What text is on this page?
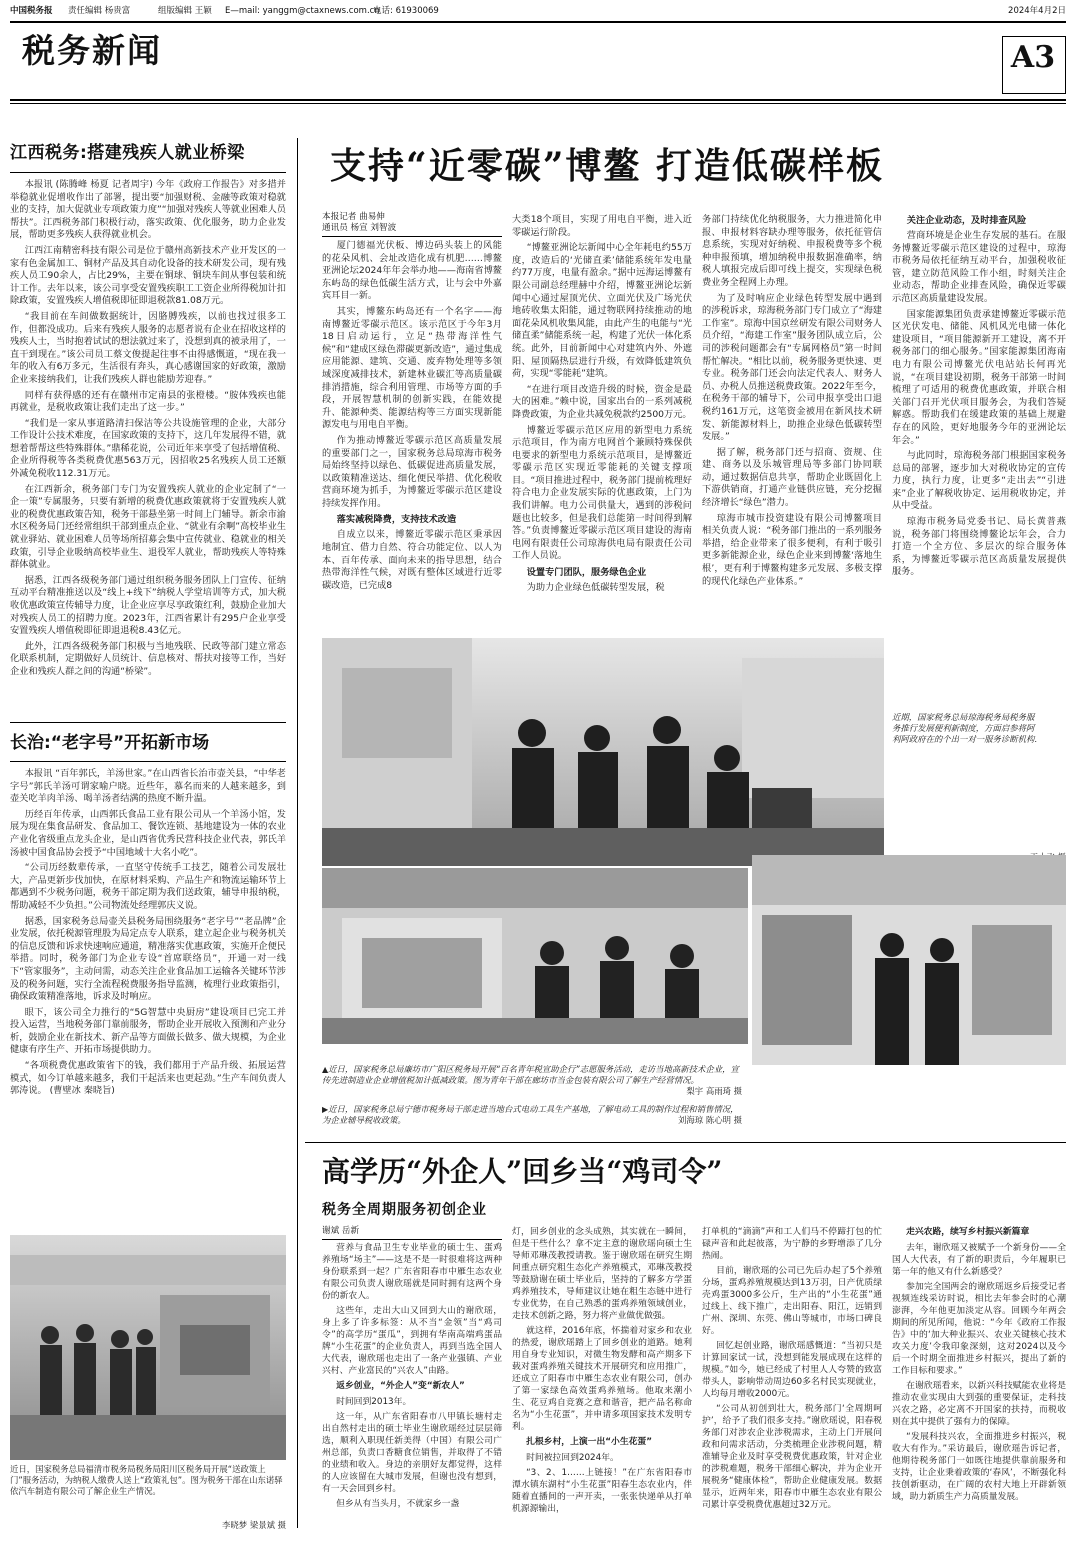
中国税务报 责任编辑 杨贵富	组版编辑 王颖 E—mail: yanggm@ctaxnews.com.cn
电话: 61930069	2024年4月2日
税务新闻	A3
江西税务:搭建残疾人就业桥梁

本报讯 (陈腾峰 杨夏 记者周宇) 今年《政府工作报告》对多措并举稳就业促增收作出了部署，提出要“加强财税、金融等政策对稳就业的支持，加大促就业专项政策力度”“加强对残疾人等就业困难人员帮扶”。江西税务部门积极行动，落实政策、优化服务，助力企业发展，帮助更多残疾人获得就业机会。

江西江南精密科技有限公司是位于赣州高新技术产业开发区的一家有色金属加工、铜材产品及其自动化设备的技术研发公司，现有残疾人员工90余人，占比29%，主要在铜球、铜块车间从事包装和统计工作。去年以来，该公司享受安置残疾职工工资企业所得税加计扣除政策，安置残疾人增值税即征即退税款81.08万元。

“我目前在车间做数据统计，因胳膊残疾，以前也找过很多工作，但都没成功。后来有残疾人服务的志愿者说有企业在招收这样的残疾人士，当时抱着试试的想法就过来了，没想到真的被录用了，一直干到现在。”该公司员工蔡文俊提起往事不由得感慨道，“现在我一年的收入有6万多元，生活很有奔头，真心感谢国家的好政策，激励企业来接纳我们，让我们残疾人群也能励芳迎春。”

同样有获得感的还有在赣州市定南县的张橙楼。“胺体残疾也能再就业，是税收政策让我们走出了这一步。”

“我们是一家从事道路清扫保洁等公共设施管理的企业，大部分工作设计公技术难度，在国家政策的支持下，这几年发展得不错，就想着帮帮这些特殊群体。”鼎稀花说，公司近年来享受了包括增值税、企业所得税等各类税费优惠563万元，因招收25名残疾人员工还额外减免税收112.31万元。

在江西新余，税务部门专门为安置残疾人就业的企业定制了“一企一策”专属服务，只要有新增的税费优惠政策就将于安置残疾人就业的税费优惠政策告知，税务干部悬坐第一时间上门辅导。新余市渝水区税务局门还经常组织干部到重点企业、“就业有余啊”高校毕业生就业驿站、就业困难人员等场所招募会集中宣传就业、稳就业的相关政策，引导企业吸纳高校毕业生、退役军人就业，帮助残疾人等特殊群体就业。

据悉，江西各级税务部门通过组织税务服务团队上门宣传、征纳互动平台精准推送以及“线上+线下”纳税人学堂培训等方式，加大税收优惠政策宣传辅导力度，让企业应享尽享政策红利，鼓励企业加大对残疾人员工的招聘力度。2023年，江西省累计有295户企业享受安置残疾人增值税即征即退退税8.43亿元。

此外，江西各级税务部门积极与当地残联、民政等部门建立常态化联系机制，定期做好人员统计、信息核对、帮扶对接等工作，当好企业和残疾人群之间的沟通“桥梁”。

长治:“老字号”开拓新市场

本报讯 “百年郭氏，羊汤世家。”在山西省长治市壶关县，“中华老字号”郭氏羊汤可谓家喻户晓。近些年，慕名而来的人越来越多，到壶关吃羊肉羊汤、喝羊汤者结满的热度不断升温。

历经百年传承，山西郭氏食品工业有限公司从一个羊汤小馆，发展为现在集食品研发、食品加工、餐饮连锁、基地建设为一体的农业产业化省级重点龙头企业，是山西省优秀民营科技企业代表，郭氏羊汤被中国食品协会授予“中国地域十大名小吃”。

“公司历经数辈传承，一直坚守传统手工技艺，随着公司发展壮大，产品更新步伐加快，在原材料采购、产品生产和物流运输环节上都遇到不少税务问题，税务干部定期为我们送政策，辅导申报纳税，帮助减轻不少负担。”公司物流处经理郭庆义说。

据悉，国家税务总局壶关县税务局围绕服务“老字号”“老品牌”企业发展，依托税源管理股为局定点专人联系，建立起企业与税务机关的信息反馈和诉求快速响应通道，精准落实优惠政策，实施开企便民举措。同时，税务部门为企业专设“首席联络员”，开通一对一线下“管家服务”，主动问需，动态关注企业食品加工运输各关键环节涉及的税务问题，实行全流程税费服务指导监测，梳理行业政策指引，确保政策精准落地，诉求及时响应。

眼下，该公司全力推行的“5G智慧中央厨房”建设项目已完工并投入运营，当地税务部门靠前服务，帮助企业开展收入预测和产业分析，鼓励企业在新技术、新产品等方面做长做多、做大规模，为企业健康有序生产、开拓市场提供助力。

“各项税费优惠政策省下的钱，我们都用于产品升级、拓展运营模式，如今订单越来越多，我们干起活来也更起劲。”生产车间负责人郭涛说。 (曹壁冰 秦晓旨)

近日，国家税务总局福清市税务局税务局阳川区税务局开展“送政策上门”服务活动，为纳税人缴费人送上“政策礼包”。图为税务干部在山东诺驿依汽车制造有限公司了解企业生产情况。
李晓梦 梁景斌 摄
支持“近零碳”博鳌 打造低碳样板
本报记者 曲易伸
通讯员 杨宣 刘智波

厦门德福光伏板、博边码头装上的风能的花朵风机、会址改造化成有机肥……博鳌亚洲论坛2024年年会举办地——海南省博鳌东屿岛的绿色低碳生活方式，让与会中外嘉宾耳目一新。

其实，博鳌东屿岛还有一个名字——海南博鳌近零碳示范区。该示范区于今年3月18日启动运行，立足“热带海洋性气候”和“建成区绿色滞碳更新改造”，通过集成应用能源、建筑、交通、废弃物处理等多领域深度减排技术，新建林业碳汇等高质量碳排消措施，综合利用管理、市场等方面的手段，开展智慧机制的创新实践，在能效提升、能源种类、能源结构等三方面实现新能源发电与用电自平衡。

作为推动博鳌近零碳示范区高质量发展的重要部门之一，国家税务总局琼海市税务局始终坚持以绿色、低碳促进高质量发展，以政策精准送达、细化便民举措、优化税收营商环境为抓手，为博鳌近零碳示范区建设持续发挥作用。

落实减税降费，支持技术改造

自成立以来，博鳌近零碳示范区秉承因地制宜、借力自然、符合功能定位、以人为本、百年传承、面向未来的指导思想，结合热带海洋性气候，对既有整体区域进行近零碳改造，已完成8

大类18个项目，实现了用电自平衡，进入近零碳运行阶段。

“博鳌亚洲论坛新闻中心全年耗电约55万度，改造后的‘光储直柔’储能系统年发电量约77万度，电量有盈余。”据中远海运博鳌有限公司副总经理赫中介绍，博鳌亚洲论坛新闻中心通过屋顶光伏、立面光伏及广场光伏地砖收集太阳能，通过物联网持续推动的地面花朵风机收集风能，由此产生的电能与“光储直柔”储能系统一起，构建了光伏一体化系统。此外，目前新闻中心对建筑内外、外遮阳、屋顶隔热层进行升级，有效降低建筑负荷，实现“零能耗”建筑。

“在进行项目改造升级的时候，资金是最大的困难。”赖中说，国家出台的一系列减税降费政策，为企业共减免税款约2500万元。

博鳌近零碳示范区应用的新型电力系统示范项目，作为南方电网首个兼顾特殊保供电要求的新型电力系统示范项目，是博鳌近零碳示范区实现近零能耗的关键支撑项目。“项目推进过程中，税务部门提前梳理好符合电力企业发展实际的优惠政策，上门为我们讲解。电力公司供量大，遇到的涉税问题也比较多，但是我们总能第一时间得到解答。”负责博鳌近零碳示范区项目建设的海南电网有限责任公司琼海供电局有限责任公司工作人员说。

设置专门团队，服务绿色企业

为助力企业绿色低碳转型发展，税

务部门持续优化纳税服务，大力推进简化申报、申报材料容缺办理等服务，依托征管信息系统，实现对好纳税、申报税费等多个税种申报预填，增加纳税申报数据准确率，纳税人填报完成后即可线上提交，实现绿色税费业务全程网上办理。

为了及时响应企业绿色转型发展中遇到的涉税诉求，琼海税务部门专门成立了“海建工作室”。琼海中国京丝研发有限公司财务人员介绍，“海建工作室”服务团队成立后，公司的涉税问题都会有“专属网格员”第一时间帮忙解决。“相比以前，税务服务更快速、更专业。税务部门还会向法定代表人、财务人员、办税人员推送税费政策。2022年至今，在税务干部的辅导下，公司申报享受出口退税约161万元，这笔资金被用在新风技术研发、新能源材料上，助推企业绿色低碳转型发展。”

据了解，税务部门还与招商、资规、住建、商务以及乐城管理局等多部门协同联动，通过数据信息共享，帮助企业既固化上下游供销商，打通产业链供应链，充分挖掘经济增长“绿色”潜力。

琼海市城市投资建设有限公司博鳌项目相关负责人说：“税务部门推出的一系列服务举措，给企业带来了很多便利，有利于吸引更多新能源企业，绿色企业来到博鳌‘落地生根’，更有利于博鳌构建多元发展、多极支撑的现代化绿色产业体系。”

关注企业动态，及时排查风险

营商环境是企业生存发展的基石。在服务博鳌近零碳示范区建设的过程中，琼海市税务局依托征纳互动平台，加强税收征管，建立防范风险工作小组，时刻关注企业动态，帮助企业排查风险，确保近零碳示范区高质量建设发展。

国家能源集团负责承建博鳌近零碳示范区光伏发电、储能、风机风光电储一体化建设项目，“项目能源新开工建设，离不开税务部门的细心服务。”国家能源集团海南电力有限公司博鳌光伏电站站长何再光说，“在项目建设初期，税务干部第一时间梳理了可适用的税费优惠政策，并联合相关部门召开光伏项目服务会，为我们答疑解惑。帮助我们在缓建政策的基础上规避存在的风险，更好地服务今年的亚洲论坛年会。”

与此同时，琼海税务部门根据国家税务总局的部署，逐步加大对税收协定的宣传力度，执行力度，让更多“走出去”“引进来”企业了解税收协定、运用税收协定，并从中受益。

琼海市税务局党委书记、局长黄普燕说，税务部门将围绕博鳌论坛年会，合力打造一个全方位、多层次的综合服务体系，为博鳌近零碳示范区高质量发展提供服务。

近期，国家税务总局琼海税务局税务服务推行发展便利新制度，方面启参将阿利阿政府在的个出一对一服务诊断机构.
▲近日，国家税务总局廉坊市广阳区税务局开展“百名青年税宣助企行”志愿服务活动，走访当地高新技术企业，宣传先进制造业企业增值税加计抵减政策。图为青年干部在廊坊市当金包装有限公司了解生产经营情况。
梨宇 高雨琦 摄
▶近日，国家税务总局宁德市税务局干部走进当地台式电动工具生产基地，了解电动工具的制作过程和销售情况，为企业辅导税收政策。	刘海琼 陈心明 摄
高学历“外企人”回乡当“鸡司令”
税务全周期服务初创企业
谢斌 岳新

营养与食品卫生专业毕业的硕士生、蛋鸡养殖场“场主”——这是不是一时很难将这两种身份联系到一起？广东省阳春市中雁生态农业有限公司负责人谢欣瑶就是同时拥有这两个身份的新农人。

这些年，走出大山又回到大山的谢欣瑶，身上多了许多标签：从不当“金领”当“鸡司令”的高学历“蛋瓜”，到拥有华南高端鸡蛋品牌“小生花蛋”的企业负责人，再到当选全国人大代表，谢欣瑶也走出了一条产业强镇、产业兴村、产业富民的“兴农人”由路。

返乡创业，“外企人”变“新农人”

时间回到2013年。

这一年，从广东省阳春市八甲镇长塘村走出自然村走出的硕士毕业生谢欣瑶经过层层筛选，顺利入职现任新美得（中国）有限公司广州总部，负责口香糖食位销售，并取得了不错的业绩和收入。身边的亲朋好友都觉得，这样的人应该留在大城市发展，但谢也没有想到，有一天会回到乡村。

但乡从有当头月，不就家乡一盏

灯，回乡创业的念头成熟，其实就在一瞬间，但是干些什么？拿不定主意的谢欣瑶向硕士生导师邓琳茂教授请教。鉴于谢欣瑶在研究生期间重点研究粗生态化产养殖模式，邓琳茂教授等鼓励谢在硕士毕业后，坚持的了解多方学蛋鸡养殖技术，导师建议让她在粗生态链中进行专业优势，在自己熟悉的蛋鸡养殖领域创业，走技术创新之路，努力将产业做优做强。

就这样，2016年底，怀揣着对家乡和农业的热爱，谢欣瑶踏上了回乡创业的道路。她利用自身专业知识，对微生物发酵和高产期多下载对蛋鸡养殖关键技术开展研究和应用推广，还成立了阳春市中雁生态农业有限公司，创办了第一家绿色高效蛋鸡养殖场。他取来潮小生、花豆鸡自竞赛之意和谐音，把产品名称命名为“小生花蛋”，并申请多项国家技术发明专利。

扎根乡村，上演一出“小生花蛋”

时间被拉回到2024年。

“3、2、1……上链接！”在广东省阳春市潭水镇东湖村“小生花蛋”阳春生态农业内，伴随着直播间的一声开卖，一张张快递单从打单机源源输出，

打单机的“滴滴”声和工人们马不停蹄打包的忙碌声音和此起彼落，为宁静的乡野增添了几分热闹。

目前，谢欣瑶的公司已先后办起了5个养殖分场，蛋鸡养殖规模达到13万羽，日产优质绿壳鸡蛋3000多公斤，生产出的“小生花蛋”通过线上、线下推广，走出阳春、阳江，远销到广州、深圳、东莞、佛山等城市，市场口碑良好。

回忆起创业路，谢欣瑶感慨道：“当初只是计算回家试一试，没想到能发展成现在这样的规模。”如今，她已经成了村里人人夸赞的致富带头人，影响带动周边60多名村民实现就业，人均每月增收2000元。

“公司从初创到壮大，税务部门‘全周期呵护’，给予了我们很多支持。”谢欣瑶说，阳春税务部门对涉农企业涉税需求，主动上门开展问政和问需求活动，分类梳理企业涉税问题，精准辅导企业及时享受税费优惠政策，针对企业的涉税难题，税务干部细心解决，并为企业开展税务“健康体检”，帮助企业健康发展。数据显示，近两年来，阳春市中雁生态农业有限公司累计享受税费优惠超过32万元。

走兴农路，续写乡村振兴新篇章

去年，谢欣瑶又被赋予一个新身份——全国人大代表，有了新的职责后，今年履职已第一年的他又有什么新感受？

参加完全国两会的谢欣瑶返乡后接受记者视频连线采访时说，相比去年参会时的心潮澎湃，今年他更加淡定从容。回顾今年两会期间的所见所闻，他说：“今年《政府工作报告》中的‘加大种业振兴、农业关键核心技术攻关力度’令我印象深刻，这对2024以及今后一个时期全面推进乡村振兴，提出了新的工作目标和要求。”

在谢欣瑶看来，以新兴科技赋能农业将是推动农业实现由大到强的重要保证，走科技兴农之路，必定离不开国家的扶持，而税收则在其中提供了强有力的保障。

“发展科技兴农，全面推进乡村振兴，税收大有作为。”采访最后，谢欣瑶告诉记者，他期待税务部门一如既往地提供靠前服务和支持，让企业秉着政策的‘春风’，不断强化科技创新驱动，在广阔的农村大地上开辟新领域，助力新质生产力高质量发展。
